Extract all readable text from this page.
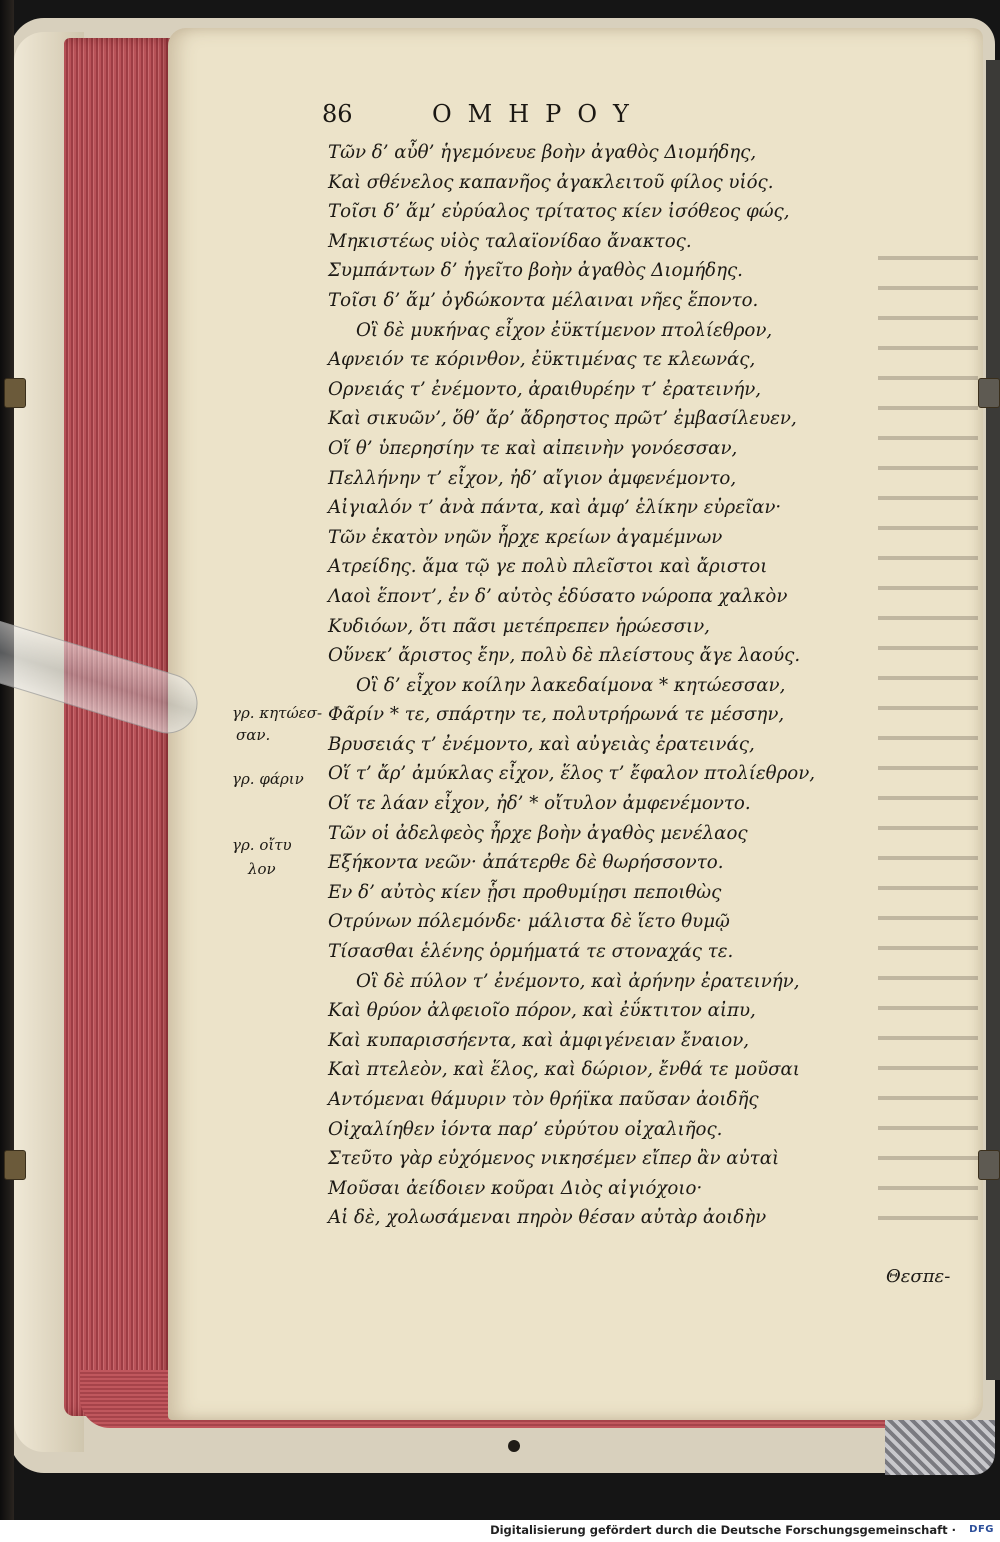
86	ΟΜΗΡΟΥ
Τῶν δ’ αὖθ’ ἡγεμόνευε βοὴν ἀγαθὸς Διομήδης,
Καὶ σθένελος καπανῆος ἀγακλειτοῦ φίλος υἱός.
Τοῖσι δ’ ἅμ’ εὐρύαλος τρίτατος κίεν ἰσόθεος φώς,
Μηκιστέως υἱὸς ταλαϊονίδαο ἄνακτος.
Συμπάντων δ’ ἡγεῖτο βοὴν ἀγαθὸς Διομήδης.
Τοῖσι δ’ ἅμ’ ὀγδώκοντα μέλαιναι νῆες ἕποντο.
Οἳ δὲ μυκήνας εἶχον ἐϋκτίμενον πτολίεθρον,
Αφνειόν τε κόρινθον, ἐϋκτιμένας τε κλεωνάς,
Ορνειάς τ’ ἐνέμοντο, ἀραιθυρέην τ’ ἐρατεινήν,
Καὶ σικυῶν’, ὅθ’ ἄρ’ ἄδρηστος πρῶτ’ ἐμβασίλευεν,
Οἵ θ’ ὑπερησίην τε καὶ αἰπεινὴν γονόεσσαν,
Πελλήνην τ’ εἶχον, ἠδ’ αἴγιον ἀμφενέμοντο,
Αἰγιαλόν τ’ ἀνὰ πάντα, καὶ ἀμφ’ ἑλίκην εὐρεῖαν·
Τῶν ἑκατὸν νηῶν ἦρχε κρείων ἀγαμέμνων
Ατρείδης. ἅμα τῷ γε πολὺ πλεῖστοι καὶ ἄριστοι
Λαοὶ ἕποντ’, ἐν δ’ αὐτὸς ἐδύσατο νώροπα χαλκὸν
Κυδιόων, ὅτι πᾶσι μετέπρεπεν ἡρώεσσιν,
Οὕνεκ’ ἄριστος ἔην, πολὺ δὲ πλείστους ἄγε λαούς.
Οἳ δ’ εἶχον κοίλην λακεδαίμονα * κητώεσσαν,
Φᾶρίν * τε, σπάρτην τε, πολυτρήρωνά τε μέσσην,
Βρυσειάς τ’ ἐνέμοντο, καὶ αὐγειὰς ἐρατεινάς,
Οἵ τ’ ἄρ’ ἀμύκλας εἶχον, ἕλος τ’ ἔφαλον πτολίεθρον,
Οἵ τε λάαν εἶχον, ἠδ’ * οἴτυλον ἀμφενέμοντο.
Τῶν οἱ ἀδελφεὸς ἦρχε βοὴν ἀγαθὸς μενέλαος
Εξήκοντα νεῶν· ἀπάτερθε δὲ θωρήσσοντο.
Εν δ’ αὐτὸς κίεν ᾗσι προθυμίῃσι πεποιθὼς
Οτρύνων πόλεμόνδε· μάλιστα δὲ ἵετο θυμῷ
Τίσασθαι ἑλένης ὁρμήματά τε στοναχάς τε.
Οἳ δὲ πύλον τ’ ἐνέμοντο, καὶ ἀρήνην ἐρατεινήν,
Καὶ θρύον ἀλφειοῖο πόρον, καὶ ἐΰκτιτον αἰπυ,
Καὶ κυπαρισσήεντα, καὶ ἀμφιγένειαν ἔναιον,
Καὶ πτελεὸν, καὶ ἕλος, καὶ δώριον, ἔνθά τε μοῦσαι
Αντόμεναι θάμυριν τὸν θρήϊκα παῦσαν ἀοιδῆς
Οἰχαλίηθεν ἰόντα παρ’ εὐρύτου οἰχαλιῆος.
Στεῦτο γὰρ εὐχόμενος νικησέμεν εἴπερ ἂν αὐταὶ
Μοῦσαι ἀείδοιεν κοῦραι Διὸς αἰγιόχοιο·
Αἱ δὲ, χολωσάμεναι πηρὸν θέσαν αὐτὰρ ἀοιδὴν
γρ. κητώεσ-
σαν.
γρ. φάριν
γρ. οἴτυ
λον
Θεσπε-
Digitalisierung gefördert durch die Deutsche Forschungsgemeinschaft · DFG
